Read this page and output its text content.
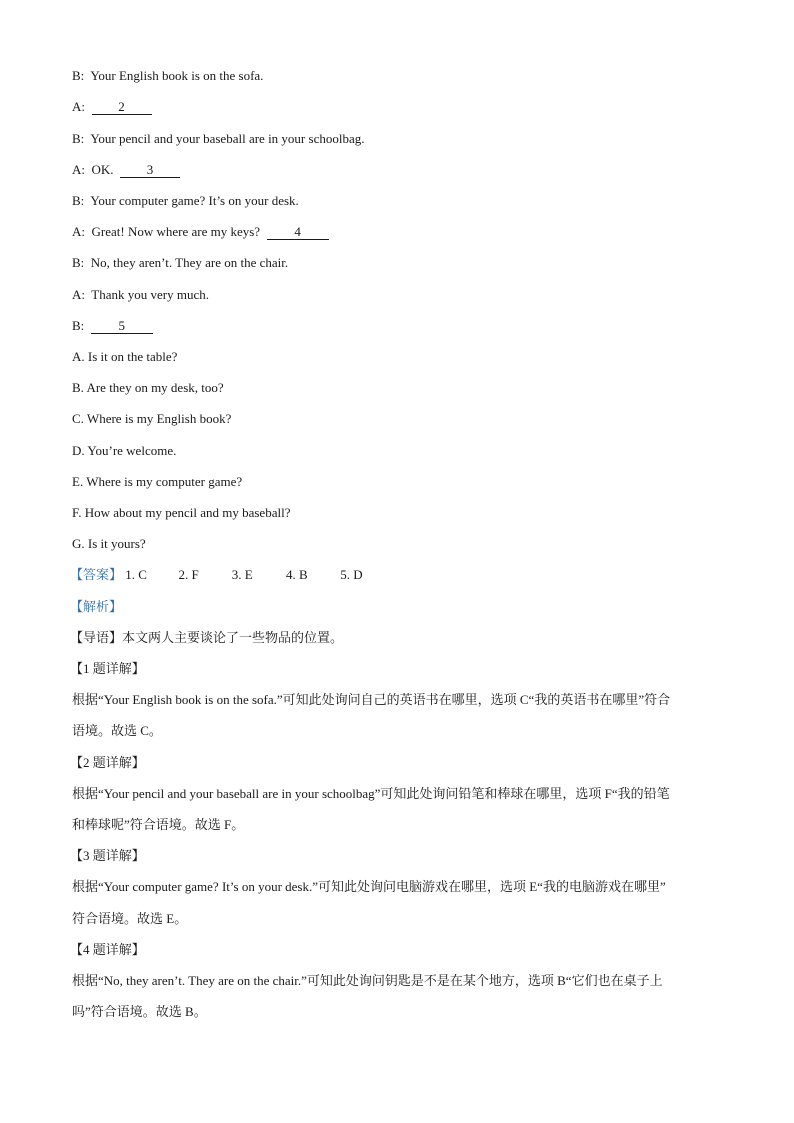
B: Your English book is on the sofa.
A:	2
B: Your pencil and your baseball are in your schoolbag.
A: OK.	3
B: Your computer game? It’s on your desk.
A: Great! Now where are my keys?	4
B: No, they aren’t. They are on the chair.
A: Thank you very much.
B:	5
A. Is it on the table?
B. Are they on my desk, too?
C. Where is my English book?
D. You’re welcome.
E. Where is my computer game?
F. How about my pencil and my baseball?
G. Is it yours?
【答案】 1. C 2. F	3. E	4. B	5. D
【解析】
【导语】本文两人主要谈论了一些物品的位置。
【1 题详解】
根据“Your English book is on the sofa.”可知此处询问自己的英语书在哪里，选项 C“我的英语书在哪里”符合
语境。故选 C。
【2 题详解】
根据“Your pencil and your baseball are in your schoolbag”可知此处询问铅笔和棒球在哪里，选项 F“我的铅笔
和棒球呢”符合语境。故选 F。
【3 题详解】
根据“Your computer game? It’s on your desk.”可知此处询问电脑游戏在哪里，选项 E“我的电脑游戏在哪里”
符合语境。故选 E。
【4 题详解】
根据“No, they aren’t. They are on the chair.”可知此处询问钥匙是不是在某个地方，选项 B“它们也在桌子上
吗”符合语境。故选 B。
